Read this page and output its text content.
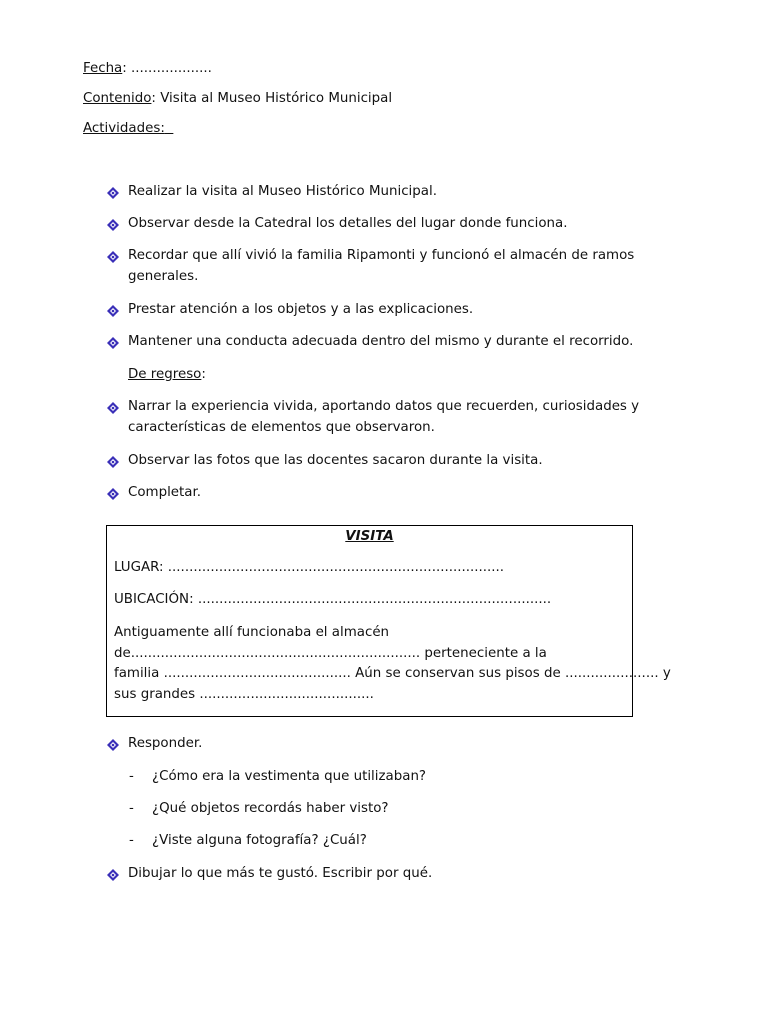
Fecha: ...................
Contenido: Visita al Museo Histórico Municipal
Actividades:
Realizar la visita al Museo Histórico Municipal.
Observar desde la Catedral los detalles del lugar donde funciona.
Recordar que allí vivió la familia Ripamonti y funcionó el almacén de ramos
generales.
Prestar atención a los objetos y a las explicaciones.
Mantener una conducta adecuada dentro del mismo y durante el recorrido.
De regreso:
Narrar la experiencia vivida, aportando datos que recuerden, curiosidades y
características de elementos que observaron.
Observar las fotos que las docentes sacaron durante la visita.
Completar.
VISITA
LUGAR: ...............................................................................
UBICACIÓN: ...................................................................................
Antiguamente allí funcionaba el almacén
de.................................................................... perteneciente a la
familia ............................................ Aún se conservan sus pisos de ...................... y
sus grandes .........................................
Responder.
- ¿Cómo era la vestimenta que utilizaban?
- ¿Qué objetos recordás haber visto?
- ¿Viste alguna fotografía? ¿Cuál?
Dibujar lo que más te gustó. Escribir por qué.
